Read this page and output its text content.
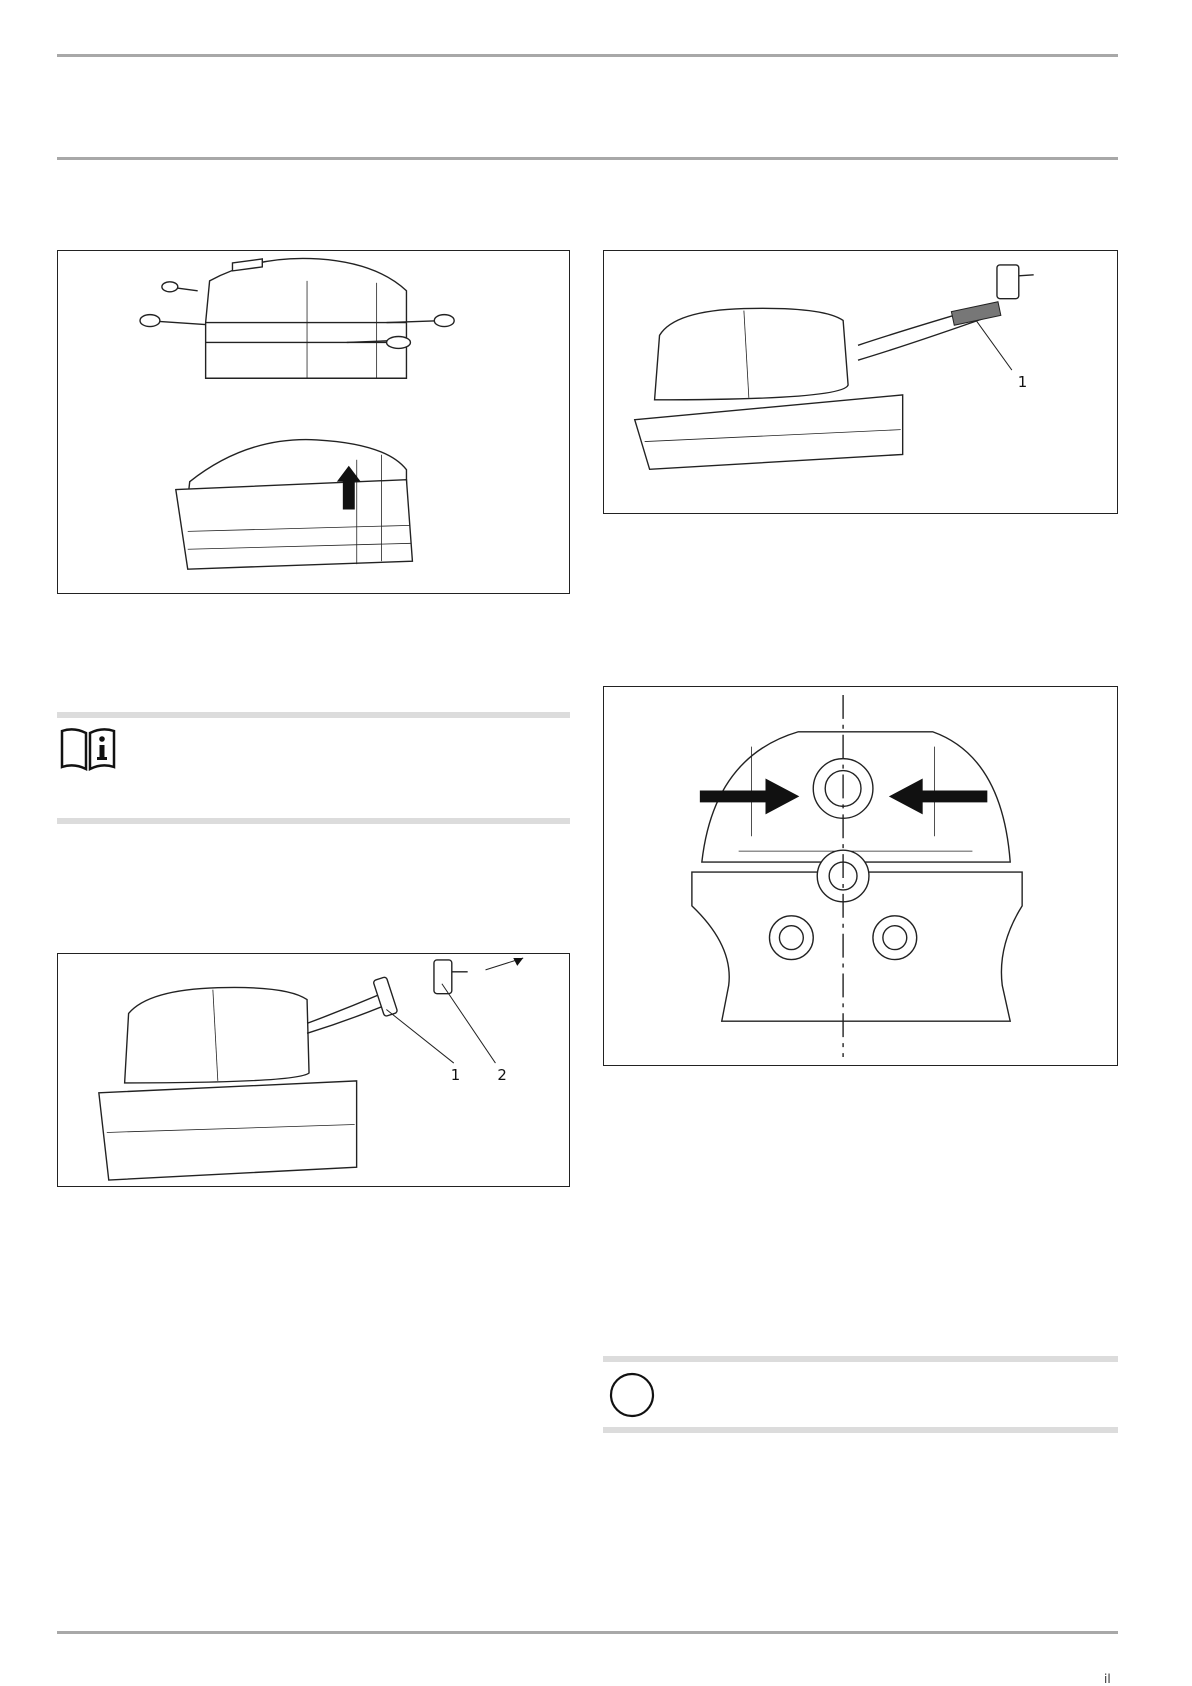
1
1 2
il
